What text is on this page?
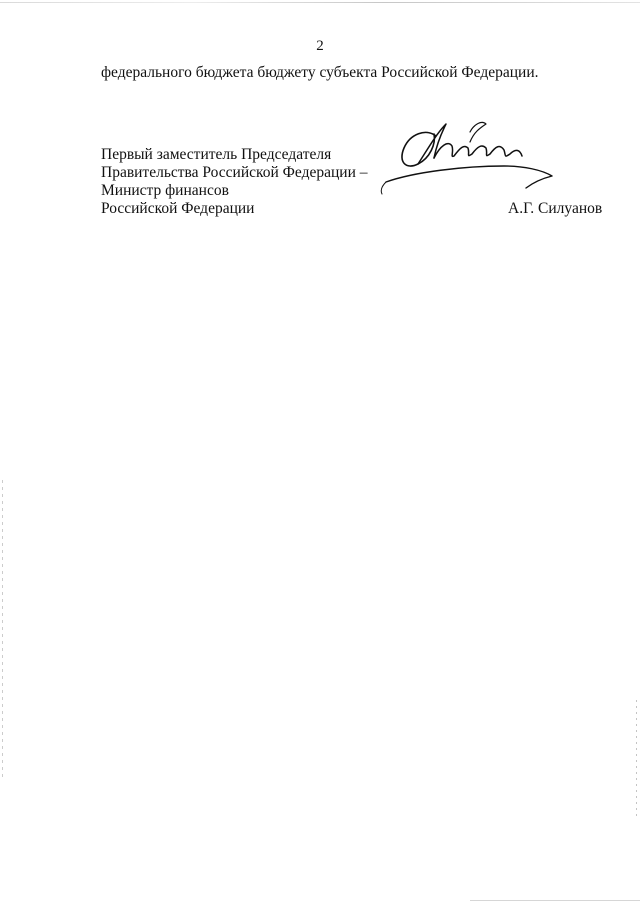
2
федерального бюджета бюджету субъекта Российской Федерации.
Первый заместитель Председателя
Правительства Российской Федерации –
Министр финансов
Российской Федерации	А.Г. Силуанов
